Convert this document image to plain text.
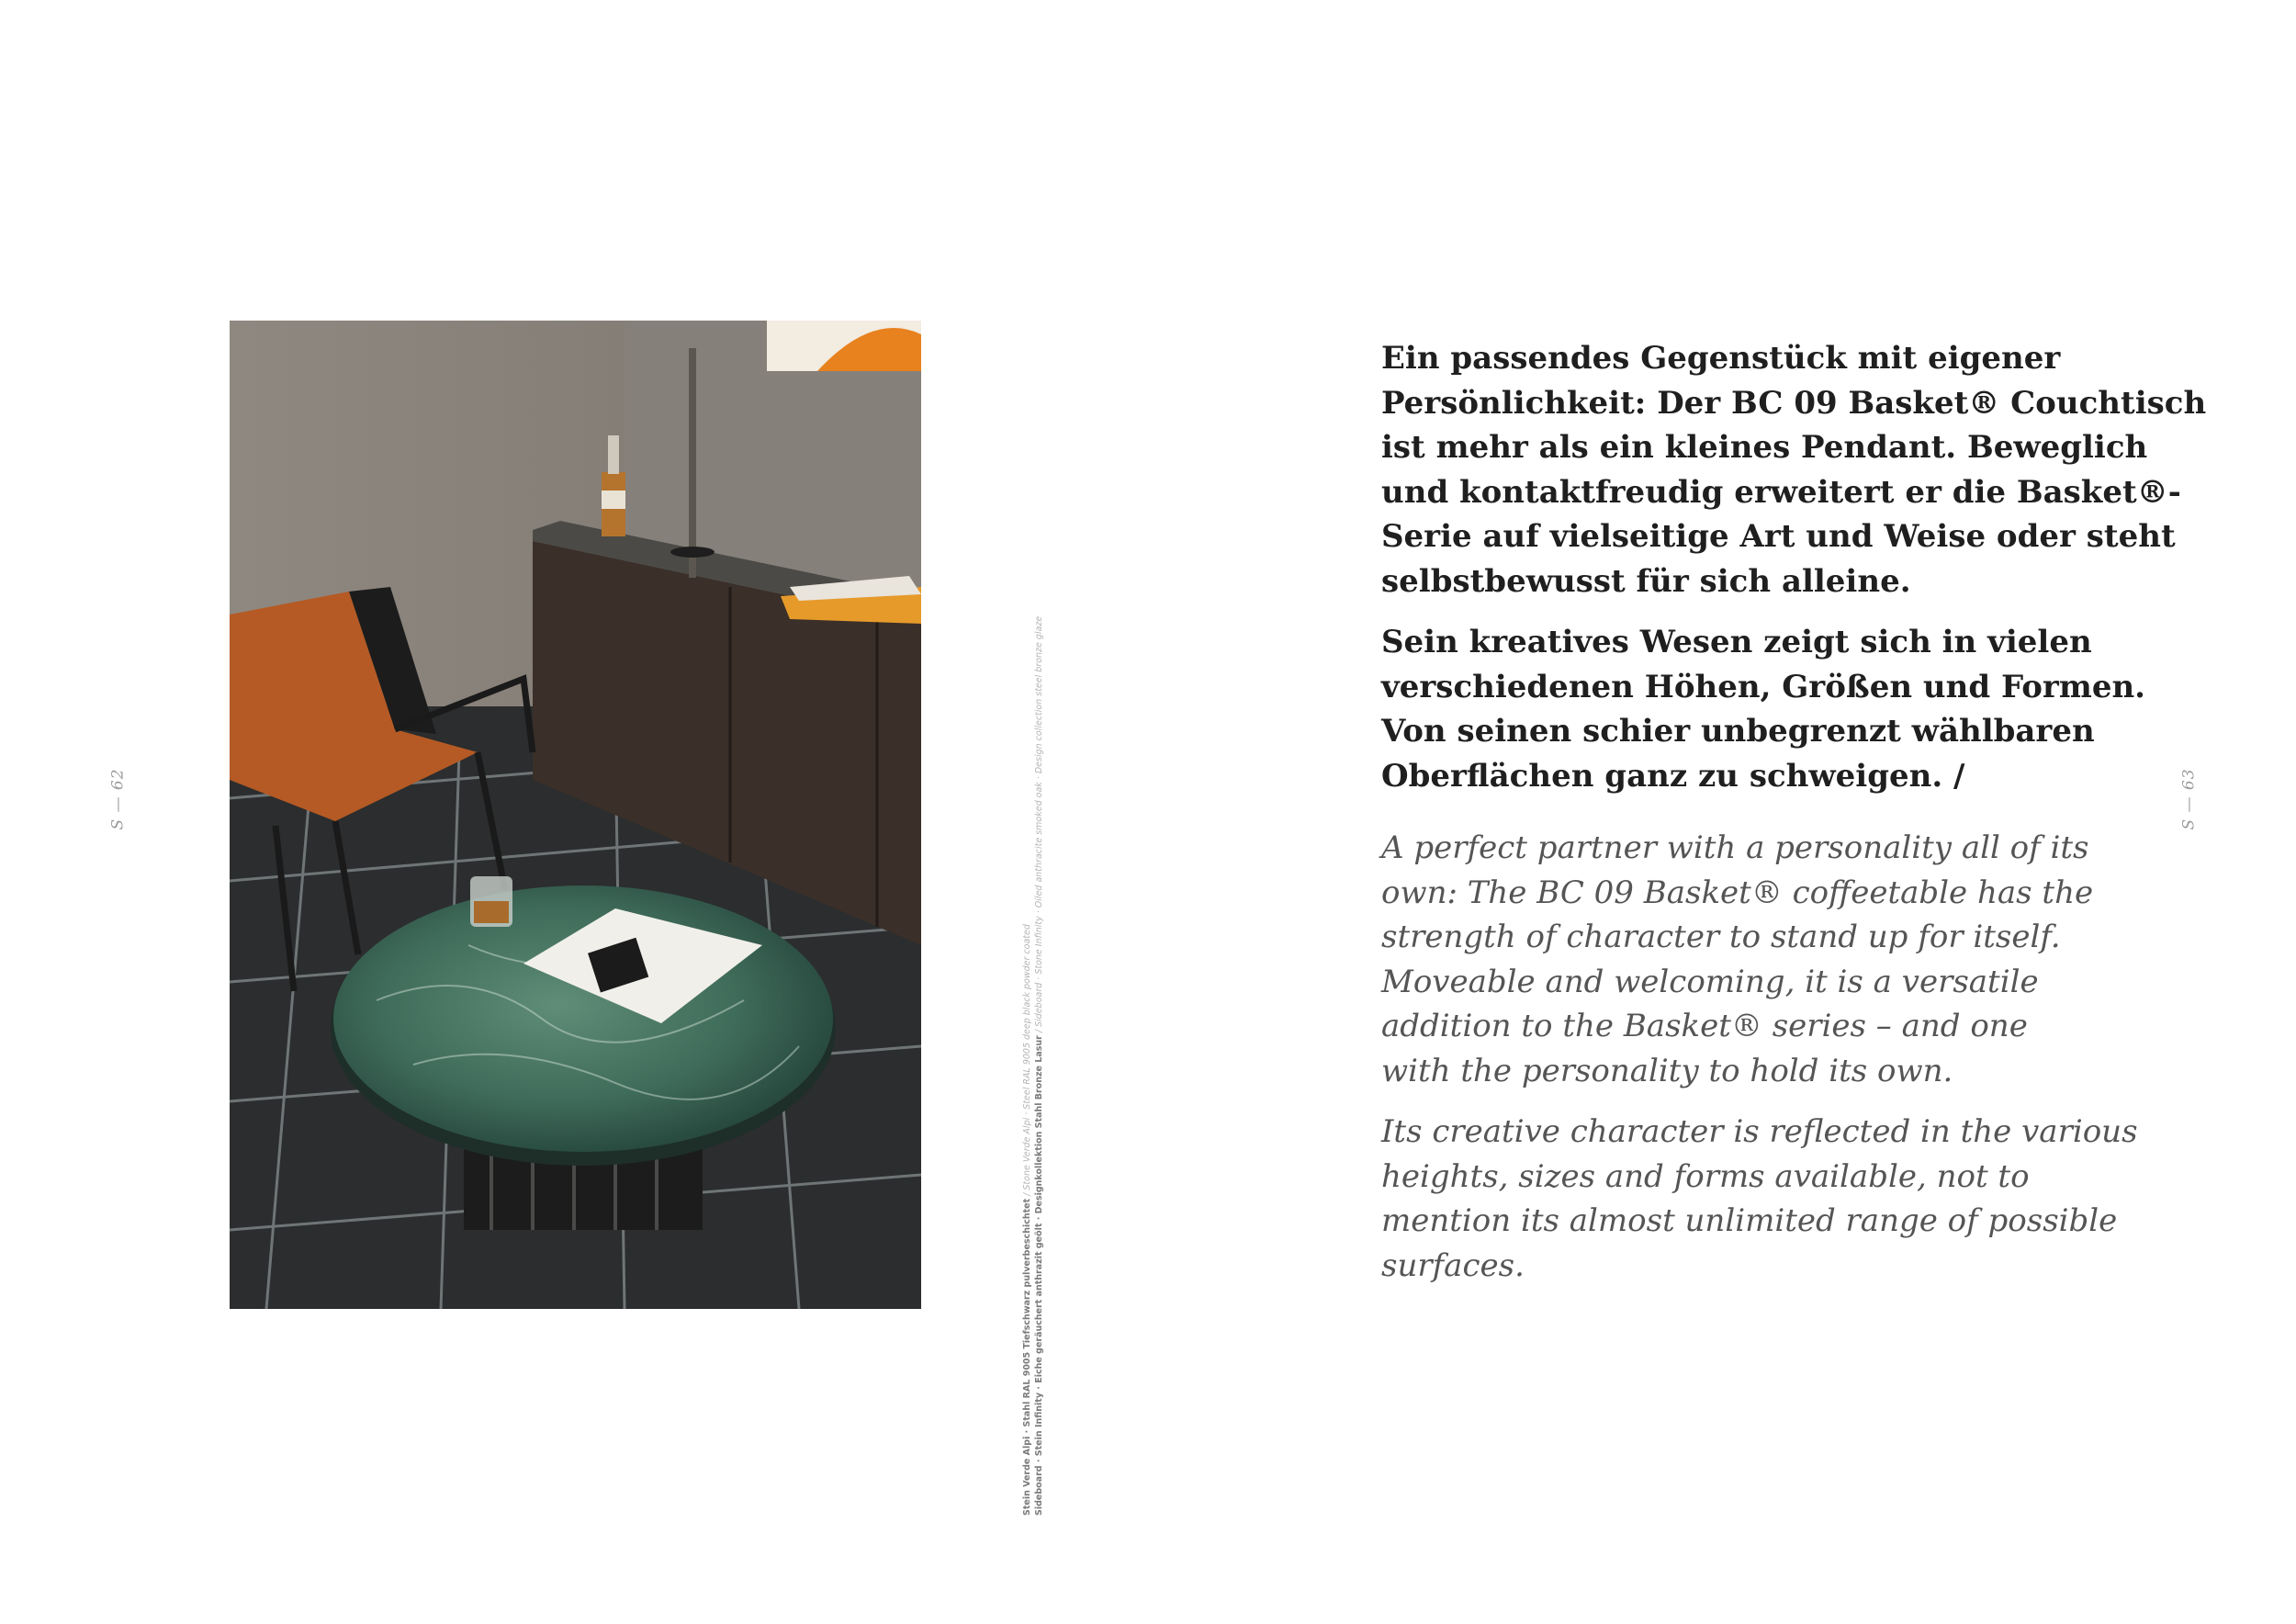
S — 62	S — 63
Stein Verde Alpi · Stahl RAL 9005 Tiefschwarz pulverbeschichtet / Stone Verde Alpi · Steel RAL 9005 deep black powder coated Sideboard · Stein Infinity · Eiche geräuchert anthrazit geölt · Designkollektion Stahl Bronze Lasur / Sideboard · Stone Infinity · Oiled anthracite smoked oak · Design collection steel bronze glaze

Ein passendes Gegenstück mit eigener
Persönlichkeit: Der BC 09 Basket® Couchtisch
ist mehr als ein kleines Pendant. Beweglich
und kontaktfreudig erweitert er die Basket®-
Serie auf vielseitige Art und Weise oder steht
selbstbewusst für sich alleine.

Sein kreatives Wesen zeigt sich in vielen
verschiedenen Höhen, Größen und Formen.
Von seinen schier unbegrenzt wählbaren
Oberflächen ganz zu schweigen. /

A perfect partner with a personality all of its
own: The BC 09 Basket® coffeetable has the
strength of character to stand up for itself.
Moveable and welcoming, it is a versatile
addition to the Basket® series – and one
with the personality to hold its own.

Its creative character is reflected in the various
heights, sizes and forms available, not to
mention its almost unlimited range of possible
surfaces.
